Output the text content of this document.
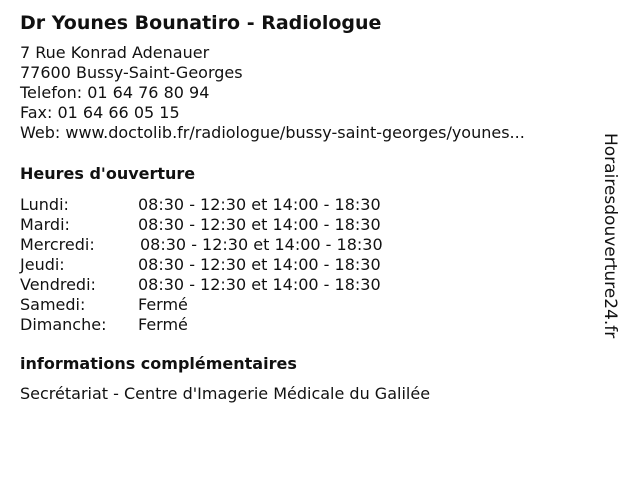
Dr Younes Bounatiro - Radiologue
7 Rue Konrad Adenauer
77600 Bussy-Saint-Georges
Telefon: 01 64 76 80 94
Fax: 01 64 66 05 15
Web: www.doctolib.fr/radiologue/bussy-saint-georges/younes...
Heures d'ouverture
Lundi:	08:30 - 12:30 et 14:00 - 18:30
Mardi:	08:30 - 12:30 et 14:00 - 18:30
Mercredi:	08:30 - 12:30 et 14:00 - 18:30
Jeudi:	08:30 - 12:30 et 14:00 - 18:30
Vendredi:	08:30 - 12:30 et 14:00 - 18:30
Samedi:	Fermé
Dimanche:	Fermé
informations complémentaires
Secrétariat - Centre d'Imagerie Médicale du Galilée
Horairesdouverture24.fr
